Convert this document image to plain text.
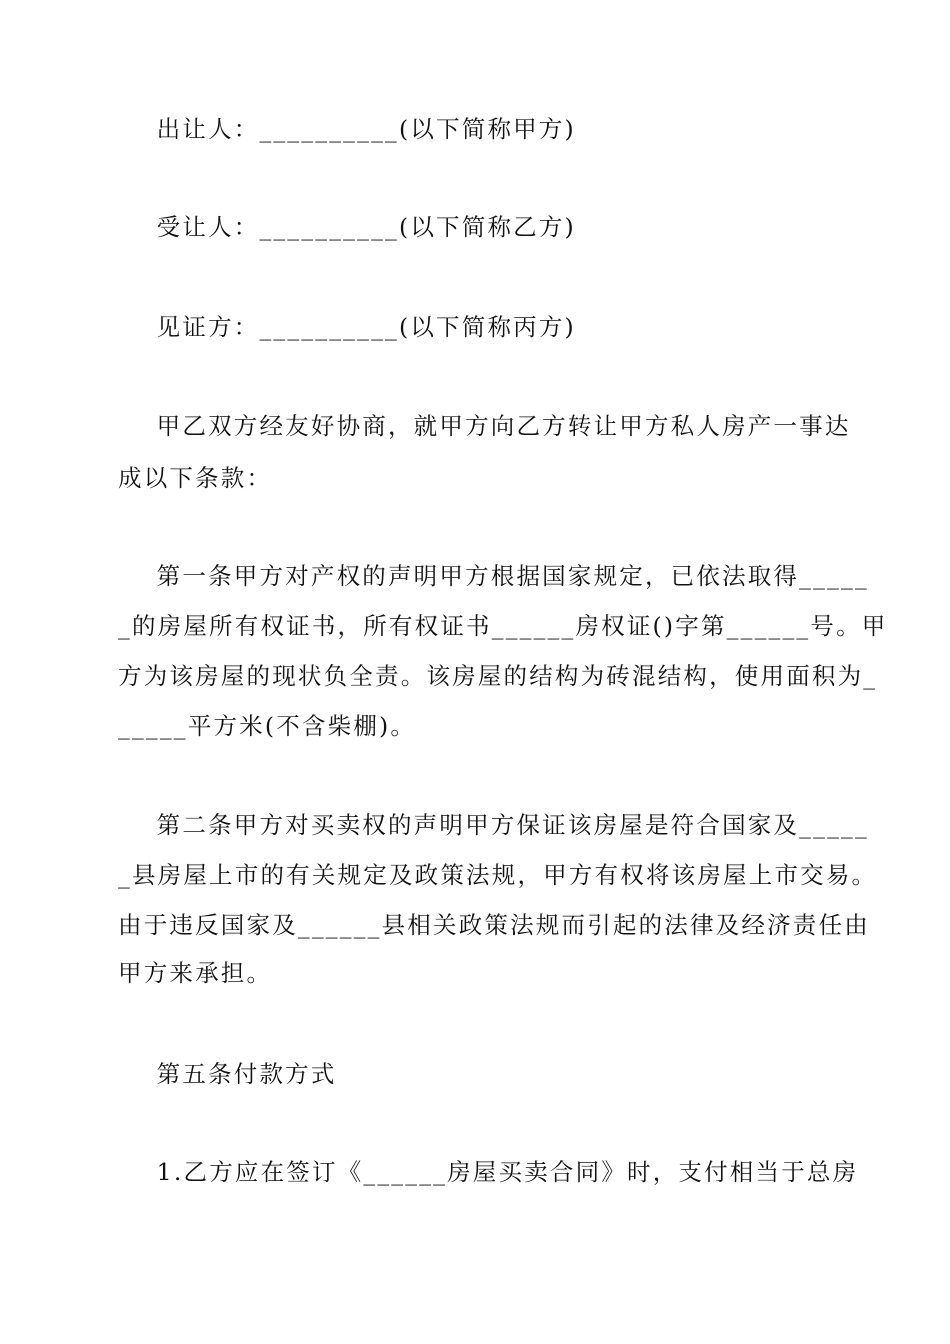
出让人：__________(以下简称甲方)
受让人：__________(以下简称乙方)
见证方：__________(以下简称丙方)
甲乙双方经友好协商，就甲方向乙方转让甲方私人房产一事达
成以下条款：
第一条甲方对产权的声明甲方根据国家规定，已依法取得_____
_的房屋所有权证书，所有权证书______房权证()字第______号。甲
方为该房屋的现状负全责。该房屋的结构为砖混结构，使用面积为_
_____平方米(不含柴棚)。
第二条甲方对买卖权的声明甲方保证该房屋是符合国家及_____
_县房屋上市的有关规定及政策法规，甲方有权将该房屋上市交易。
由于违反国家及______县相关政策法规而引起的法律及经济责任由
甲方来承担。
第五条付款方式
1.乙方应在签订《______房屋买卖合同》时，支付相当于总房
